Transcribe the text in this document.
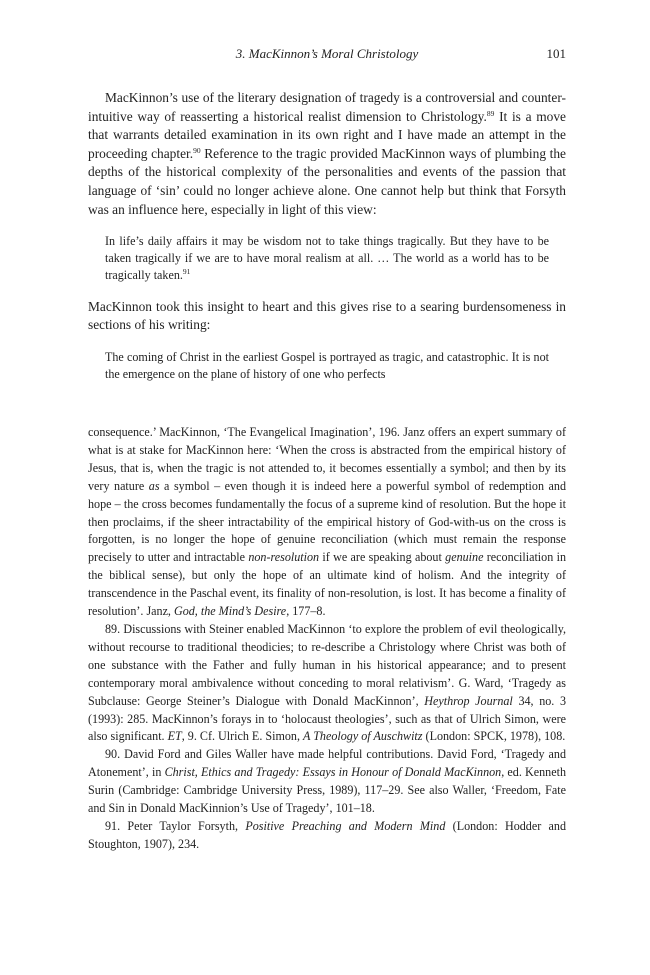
3. MacKinnon’s Moral Christology	101

MacKinnon’s use of the literary designation of tragedy is a controversial and counter-intuitive way of reasserting a historical realist dimension to Christology.$^{89}$ It is a move that warrants detailed examination in its own right and I have made an attempt in the proceeding chapter.$^{90}$ Reference to the tragic provided MacKinnon ways of plumbing the depths of the historical complexity of the personalities and events of the passion that language of ‘sin’ could no longer achieve alone. One cannot help but think that Forsyth was an influence here, especially in light of this view:

In life’s daily affairs it may be wisdom not to take things tragically. But they have to be taken tragically if we are to have moral realism at all. … The world as a world has to be tragically taken.$^{91}$

MacKinnon took this insight to heart and this gives rise to a searing burdensomeness in sections of his writing:

The coming of Christ in the earliest Gospel is portrayed as tragic, and catastrophic. It is not the emergence on the plane of history of one who perfects

consequence.’ MacKinnon, ‘The Evangelical Imagination’, 196. Janz offers an expert summary of what is at stake for MacKinnon here: ‘When the cross is abstracted from the empirical history of Jesus, that is, when the tragic is not attended to, it becomes essentially a symbol; and then by its very nature as a symbol – even though it is indeed here a powerful symbol of redemption and hope – the cross becomes fundamentally the focus of a supreme kind of resolution. But the hope it then proclaims, if the sheer intractability of the empirical history of God-with-us on the cross is forgotten, is no longer the hope of genuine reconciliation (which must remain the response precisely to utter and intractable non-resolution if we are speaking about genuine reconciliation in the biblical sense), but only the hope of an ultimate kind of holism. And the integrity of transcendence in the Paschal event, its finality of non-resolution, is lost. It has become a finality of resolution’. Janz, God, the Mind’s Desire, 177–8.

89. Discussions with Steiner enabled MacKinnon ‘to explore the problem of evil theologically, without recourse to traditional theodicies; to re-describe a Christology where Christ was both of one substance with the Father and fully human in his historical appearance; and to present contemporary moral ambivalence without conceding to moral relativism’. G. Ward, ‘Tragedy as Subclause: George Steiner’s Dialogue with Donald MacKinnon’, Heythrop Journal 34, no. 3 (1993): 285. MacKinnon’s forays in to ‘holocaust theologies’, such as that of Ulrich Simon, were also significant. ET, 9. Cf. Ulrich E. Simon, A Theology of Auschwitz (London: SPCK, 1978), 108.

90. David Ford and Giles Waller have made helpful contributions. David Ford, ‘Tragedy and Atonement’, in Christ, Ethics and Tragedy: Essays in Honour of Donald MacKinnon, ed. Kenneth Surin (Cambridge: Cambridge University Press, 1989), 117–29. See also Waller, ‘Freedom, Fate and Sin in Donald MacKinnion’s Use of Tragedy’, 101–18.

91. Peter Taylor Forsyth, Positive Preaching and Modern Mind (London: Hodder and Stoughton, 1907), 234.
